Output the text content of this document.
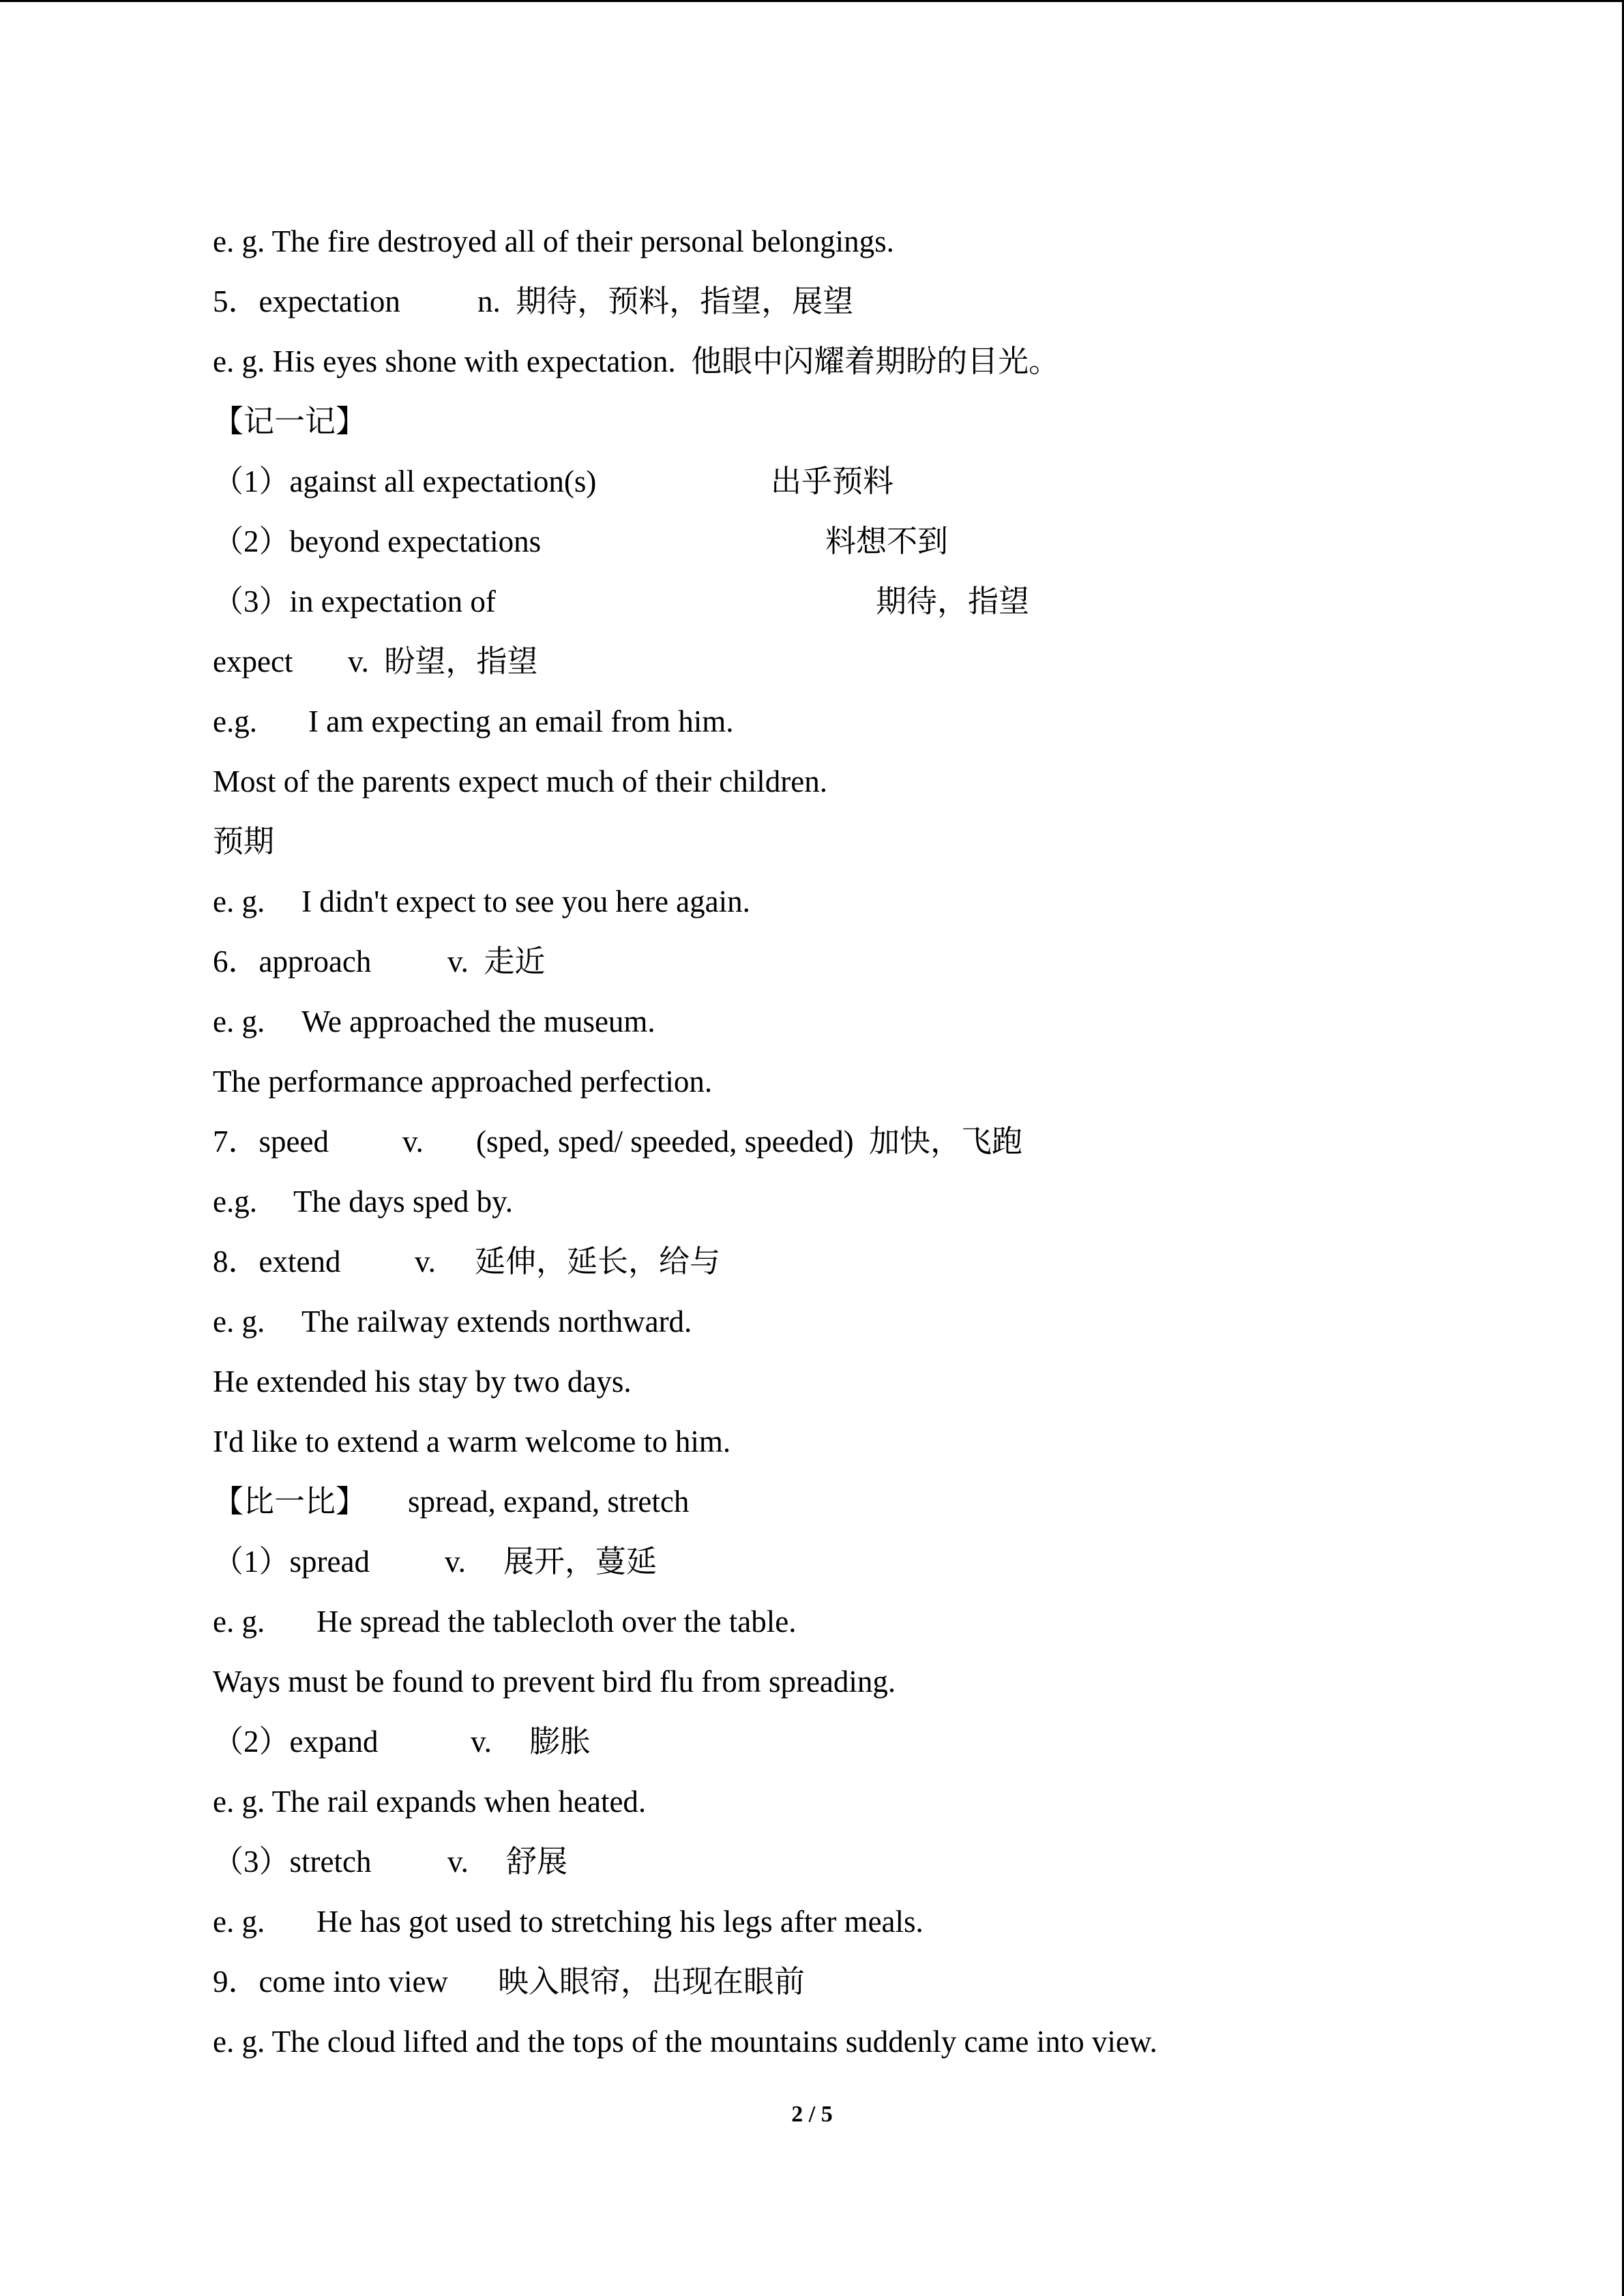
e. g. The fire destroyed all of their personal belongings.
5．expectation	n.  期待，预料，指望，展望
e. g. His eyes shone with expectation.  他眼中闪耀着期盼的目光。
【记一记】
（1）against all expectation(s)	出乎预料
（2）beyond expectations	料想不到
（3）in expectation of	期待，指望
expect	v.  盼望，指望
e.g.	I am expecting an email from him.
Most of the parents expect much of their children.
预期
e. g.	I didn't expect to see you here again.
6．approach	v.  走近
e. g.	We approached the museum.
The performance approached perfection.
7．speed	v.	(sped, sped/ speeded, speeded)  加快，飞跑
e.g.	The days sped by.
8．extend	v.	延伸，延长，给与
e. g.	The railway extends northward.
He extended his stay by two days.
I'd like to extend a warm welcome to him.
【比一比】	spread, expand, stretch
（1）spread	v.	展开，蔓延
e. g.	He spread the tablecloth over the table.
Ways must be found to prevent bird flu from spreading.
（2）expand	v.	膨胀
e. g. The rail expands when heated.
（3）stretch	v.	舒展
e. g.	He has got used to stretching his legs after meals.
9．come into view	映入眼帘，出现在眼前
e. g. The cloud lifted and the tops of the mountains suddenly came into view.
2 / 5
